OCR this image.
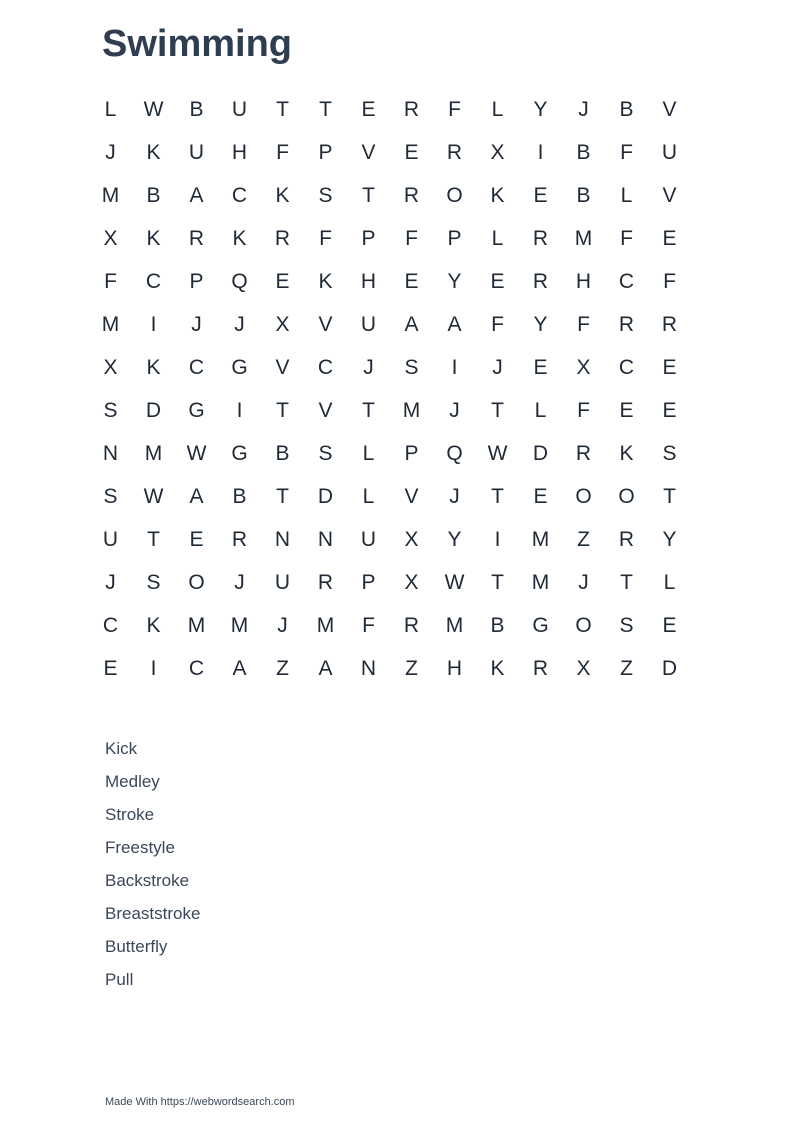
Swimming
L	W	B	U	T	T	E	R	F	L	Y	J	B	V
J	K	U	H	F	P	V	E	R	X	I	B	F	U
M	B	A	C	K	S	T	R	O	K	E	B	L	V
X	K	R	K	R	F	P	F	P	L	R	M	F	E
F	C	P	Q	E	K	H	E	Y	E	R	H	C	F
M	I	J	J	X	V	U	A	A	F	Y	F	R	R
X	K	C	G	V	C	J	S	I	J	E	X	C	E
S	D	G	I	T	V	T	M	J	T	L	F	E	E
N	M	W	G	B	S	L	P	Q	W	D	R	K	S
S	W	A	B	T	D	L	V	J	T	E	O	O	T
U	T	E	R	N	N	U	X	Y	I	M	Z	R	Y
J	S	O	J	U	R	P	X	W	T	M	J	T	L
C	K	M	M	J	M	F	R	M	B	G	O	S	E
E	I	C	A	Z	A	N	Z	H	K	R	X	Z	D
Kick
Medley
Stroke
Freestyle
Backstroke
Breaststroke
Butterfly
Pull
Made With https://webwordsearch.com
